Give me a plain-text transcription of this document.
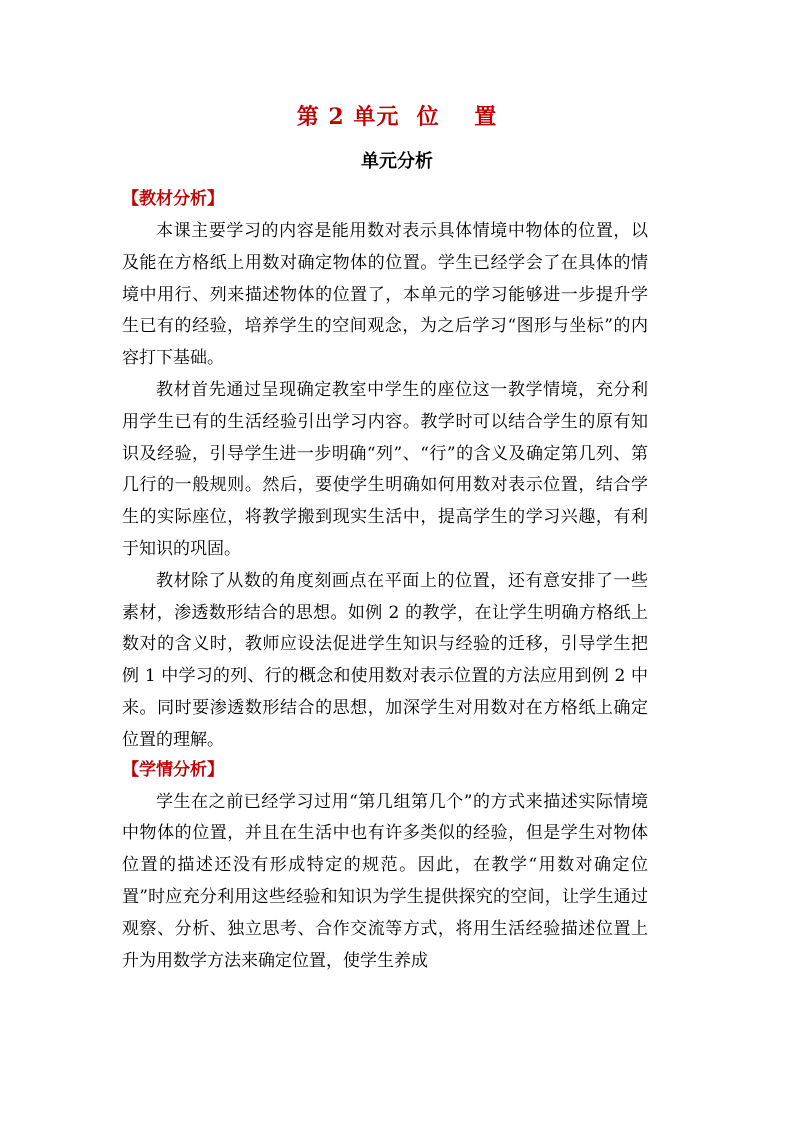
第 2 单元  位    置
单元分析
【教材分析】

本课主要学习的内容是能用数对表示具体情境中物体的位置，以及能在方格纸上用数对确定物体的位置。学生已经学会了在具体的情境中用行、列来描述物体的位置了，本单元的学习能够进一步提升学生已有的经验，培养学生的空间观念，为之后学习“图形与坐标”的内容打下基础。

教材首先通过呈现确定教室中学生的座位这一教学情境，充分利用学生已有的生活经验引出学习内容。教学时可以结合学生的原有知识及经验，引导学生进一步明确“列”、“行”的含义及确定第几列、第几行的一般规则。然后，要使学生明确如何用数对表示位置，结合学生的实际座位，将教学搬到现实生活中，提高学生的学习兴趣，有利于知识的巩固。

教材除了从数的角度刻画点在平面上的位置，还有意安排了一些素材，渗透数形结合的思想。如例 2 的教学，在让学生明确方格纸上数对的含义时，教师应设法促进学生知识与经验的迁移，引导学生把例 1 中学习的列、行的概念和使用数对表示位置的方法应用到例 2 中来。同时要渗透数形结合的思想，加深学生对用数对在方格纸上确定位置的理解。

【学情分析】

学生在之前已经学习过用“第几组第几个”的方式来描述实际情境中物体的位置，并且在生活中也有许多类似的经验，但是学生对物体位置的描述还没有形成特定的规范。因此，在教学“用数对确定位置”时应充分利用这些经验和知识为学生提供探究的空间，让学生通过观察、分析、独立思考、合作交流等方式，将用生活经验描述位置上升为用数学方法来确定位置，使学生养成
